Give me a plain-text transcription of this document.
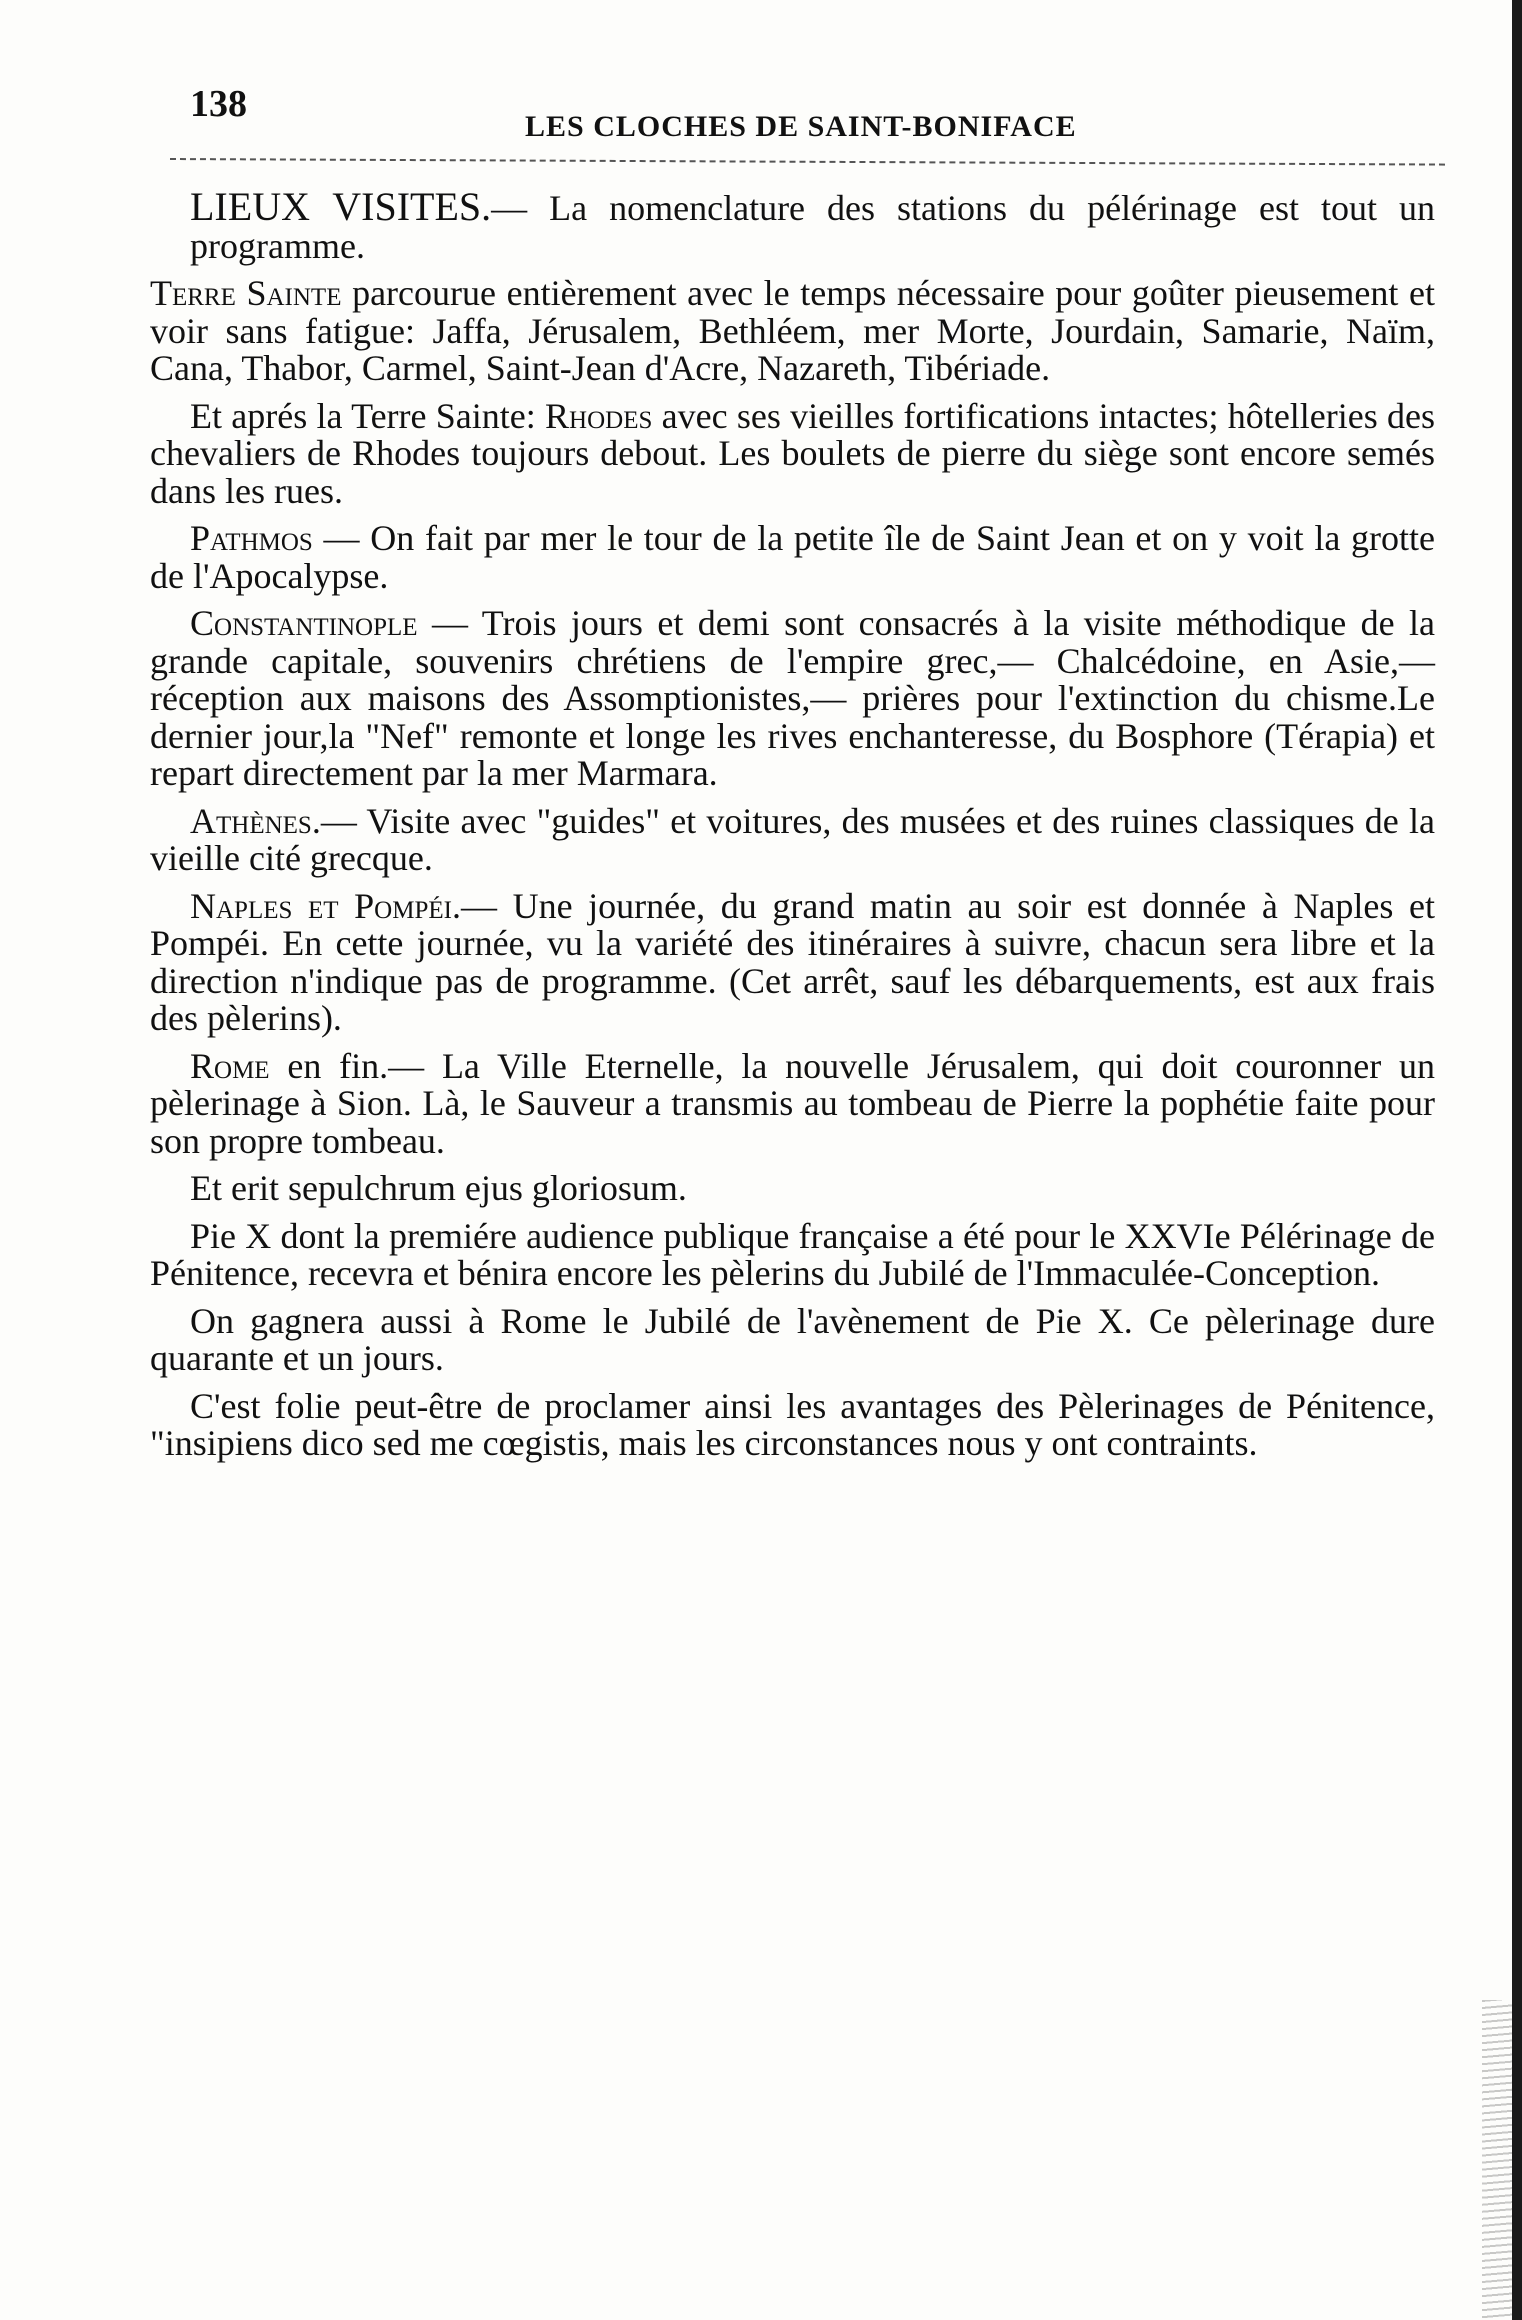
138
LES CLOCHES DE SAINT-BONIFACE

LIEUX VISITES.— La nomenclature des stations du pélérinage est tout un programme.

Terre Sainte parcourue entièrement avec le temps nécessaire pour goûter pieusement et voir sans fatigue: Jaffa, Jérusalem, Bethléem, mer Morte, Jourdain, Samarie, Naïm, Cana, Thabor, Carmel, Saint-Jean d'Acre, Nazareth, Tibériade.

Et aprés la Terre Sainte: Rhodes avec ses vieilles fortifications intactes; hôtelleries des chevaliers de Rhodes toujours debout. Les boulets de pierre du siège sont encore semés dans les rues.

Pathmos — On fait par mer le tour de la petite île de Saint Jean et on y voit la grotte de l'Apocalypse.

Constantinople — Trois jours et demi sont consacrés à la visite méthodique de la grande capitale, souvenirs chrétiens de l'empire grec,— Chalcédoine, en Asie,— réception aux maisons des Assomptionistes,— prières pour l'extinction du chisme.Le dernier jour,la "Nef" remonte et longe les rives enchanteresse, du Bosphore (Térapia) et repart directement par la mer Marmara.

Athènes.— Visite avec "guides" et voitures, des musées et des ruines classiques de la vieille cité grecque.

Naples et Pompéi.— Une journée, du grand matin au soir est donnée à Naples et Pompéi. En cette journée, vu la variété des itinéraires à suivre, chacun sera libre et la direction n'indique pas de programme. (Cet arrêt, sauf les débarquements, est aux frais des pèlerins).

Rome en fin.— La Ville Eternelle, la nouvelle Jérusalem, qui doit couronner un pèlerinage à Sion. Là, le Sauveur a transmis au tombeau de Pierre la pophétie faite pour son propre tombeau.

Et erit sepulchrum ejus gloriosum.

Pie X dont la premiére audience publique française a été pour le XXVIe Pélérinage de Pénitence, recevra et bénira encore les pèlerins du Jubilé de l'Immaculée-Conception.

On gagnera aussi à Rome le Jubilé de l'avènement de Pie X. Ce pèlerinage dure quarante et un jours.

C'est folie peut-être de proclamer ainsi les avantages des Pèlerinages de Pénitence, "insipiens dico sed me cœgistis, mais les circonstances nous y ont contraints.
